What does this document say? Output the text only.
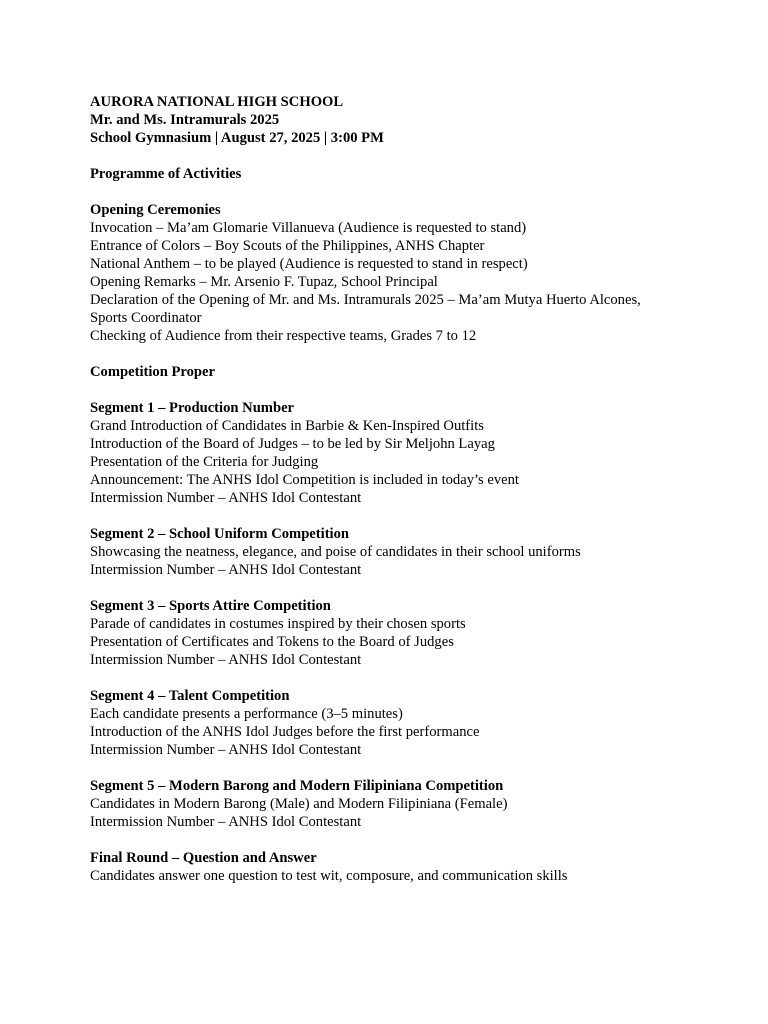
AURORA NATIONAL HIGH SCHOOL
Mr. and Ms. Intramurals 2025
School Gymnasium | August 27, 2025 | 3:00 PM
Programme of Activities
Opening Ceremonies
Invocation – Ma’am Glomarie Villanueva (Audience is requested to stand)
Entrance of Colors – Boy Scouts of the Philippines, ANHS Chapter
National Anthem – to be played (Audience is requested to stand in respect)
Opening Remarks – Mr. Arsenio F. Tupaz, School Principal
Declaration of the Opening of Mr. and Ms. Intramurals 2025 – Ma’am Mutya Huerto Alcones, Sports Coordinator
Checking of Audience from their respective teams, Grades 7 to 12
Competition Proper
Segment 1 – Production Number
Grand Introduction of Candidates in Barbie & Ken-Inspired Outfits
Introduction of the Board of Judges – to be led by Sir Meljohn Layag
Presentation of the Criteria for Judging
Announcement: The ANHS Idol Competition is included in today’s event
Intermission Number – ANHS Idol Contestant
Segment 2 – School Uniform Competition
Showcasing the neatness, elegance, and poise of candidates in their school uniforms
Intermission Number – ANHS Idol Contestant
Segment 3 – Sports Attire Competition
Parade of candidates in costumes inspired by their chosen sports
Presentation of Certificates and Tokens to the Board of Judges
Intermission Number – ANHS Idol Contestant
Segment 4 – Talent Competition
Each candidate presents a performance (3–5 minutes)
Introduction of the ANHS Idol Judges before the first performance
Intermission Number – ANHS Idol Contestant
Segment 5 – Modern Barong and Modern Filipiniana Competition
Candidates in Modern Barong (Male) and Modern Filipiniana (Female)
Intermission Number – ANHS Idol Contestant
Final Round – Question and Answer
Candidates answer one question to test wit, composure, and communication skills
